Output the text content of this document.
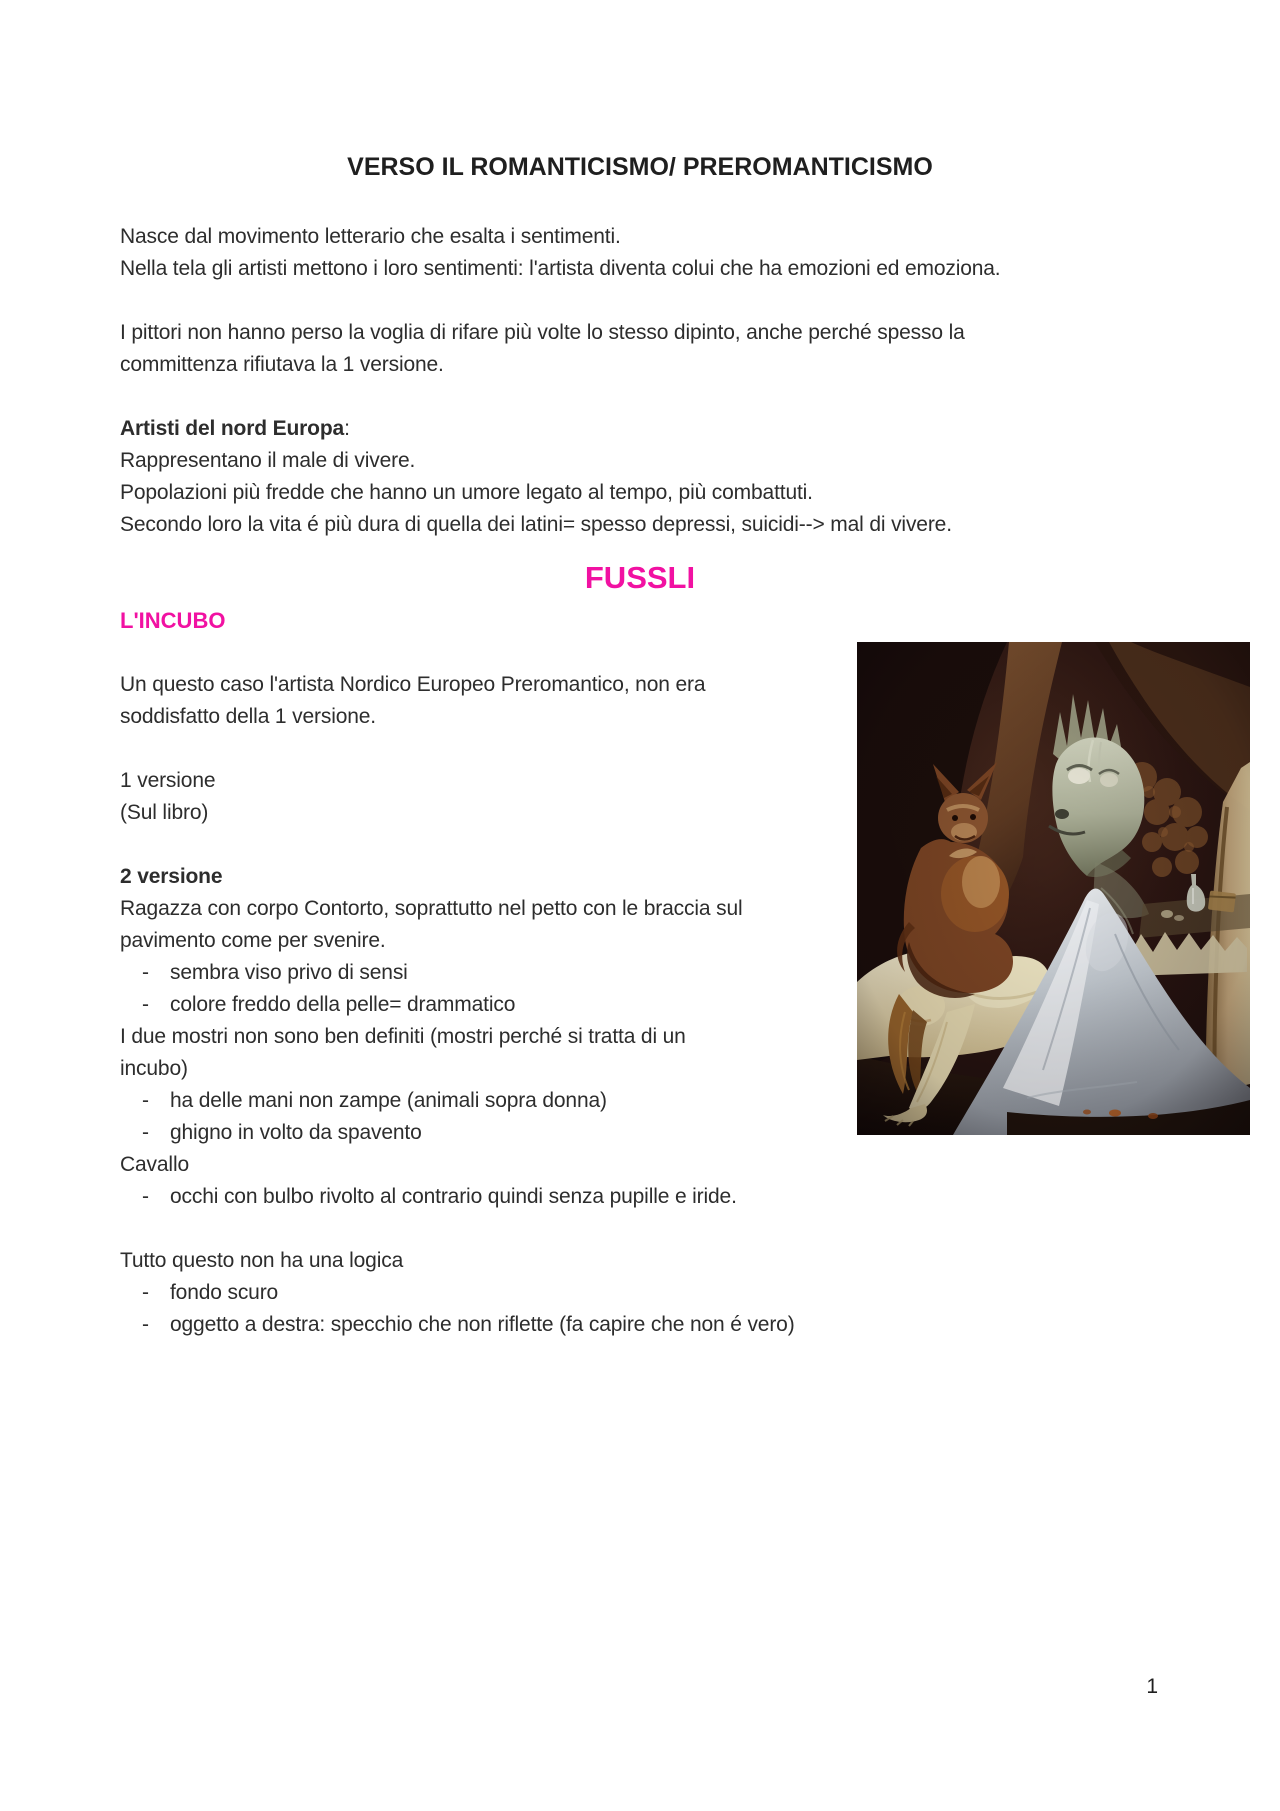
VERSO IL ROMANTICISMO/ PREROMANTICISMO
Nasce dal movimento letterario che esalta i sentimenti.
Nella tela gli artisti mettono i loro sentimenti: l'artista diventa colui che ha emozioni ed emoziona.
I pittori non hanno perso la voglia di rifare più volte lo stesso dipinto, anche perché spesso la
committenza rifiutava la 1 versione.
Artisti del nord Europa:
Rappresentano il male di vivere.
Popolazioni più fredde che hanno un umore legato al tempo, più combattuti.
Secondo loro la vita é più dura di quella dei latini= spesso depressi, suicidi--> mal di vivere.
FUSSLI
L'INCUBO
Un questo caso l'artista Nordico Europeo Preromantico, non era
soddisfatto della 1 versione.
1 versione
(Sul libro)
2 versione
Ragazza con corpo Contorto, soprattutto nel petto con le braccia sul
pavimento come per svenire.
-	sembra viso privo di sensi
-	colore freddo della pelle= drammatico
I due mostri non sono ben definiti (mostri perché si tratta di un
incubo)
-	ha delle mani non zampe (animali sopra donna)
-	ghigno in volto da spavento
Cavallo
-	occhi con bulbo rivolto al contrario quindi senza pupille e iride.
Tutto questo non ha una logica
-	fondo scuro
-	oggetto a destra: specchio che non riflette (fa capire che non é vero)
1
